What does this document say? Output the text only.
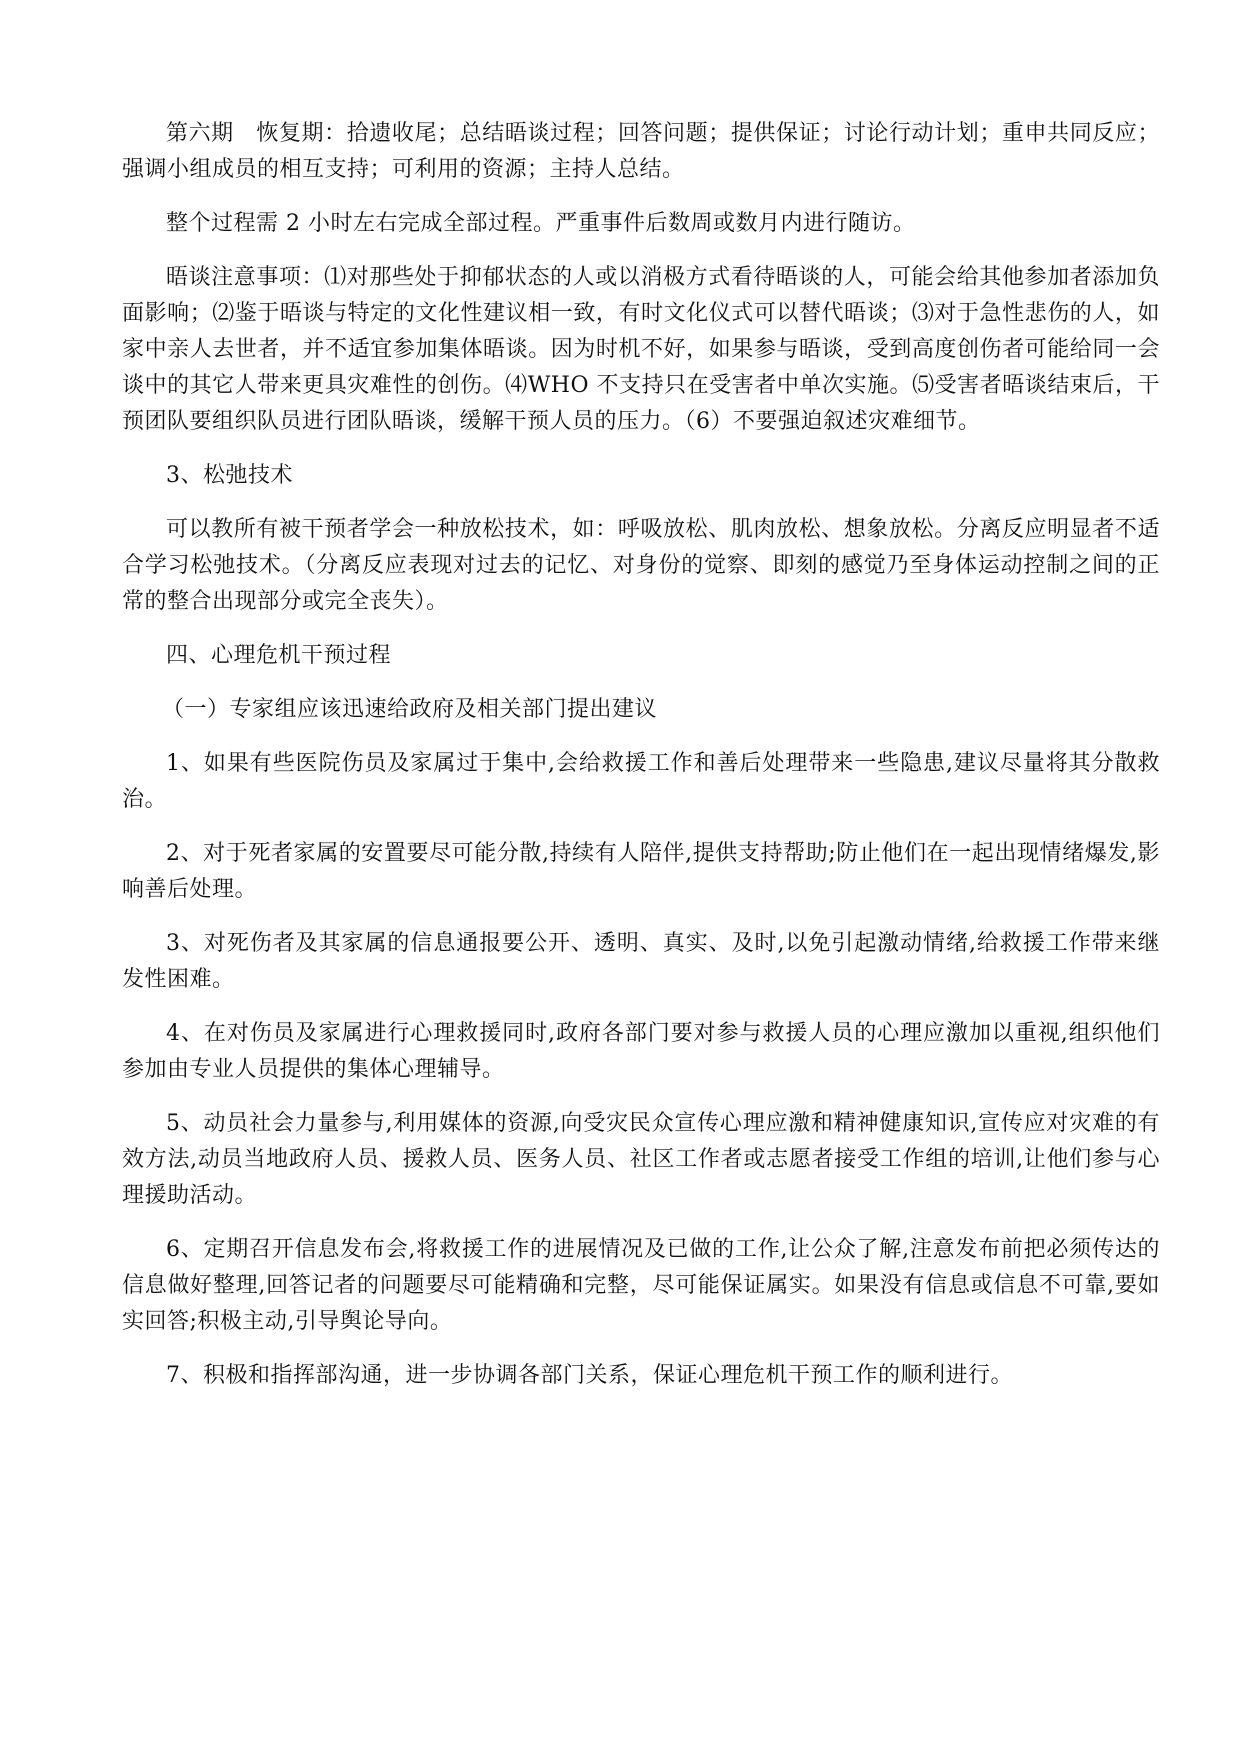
第六期　恢复期：拾遗收尾；总结晤谈过程；回答问题；提供保证；讨论行动计划；重申共同反应；强调小组成员的相互支持；可利用的资源；主持人总结。

整个过程需 2 小时左右完成全部过程。严重事件后数周或数月内进行随访。

晤谈注意事项：⑴对那些处于抑郁状态的人或以消极方式看待晤谈的人，可能会给其他参加者添加负面影响；⑵鉴于晤谈与特定的文化性建议相一致，有时文化仪式可以替代晤谈；⑶对于急性悲伤的人，如家中亲人去世者，并不适宜参加集体晤谈。因为时机不好，如果参与晤谈，受到高度创伤者可能给同一会谈中的其它人带来更具灾难性的创伤。⑷WHO 不支持只在受害者中单次实施。⑸受害者晤谈结束后，干预团队要组织队员进行团队晤谈，缓解干预人员的压力。（6）不要强迫叙述灾难细节。

3、松弛技术

可以教所有被干预者学会一种放松技术，如：呼吸放松、肌肉放松、想象放松。分离反应明显者不适合学习松弛技术。（分离反应表现对过去的记忆、对身份的觉察、即刻的感觉乃至身体运动控制之间的正常的整合出现部分或完全丧失）。

四、心理危机干预过程

（一）专家组应该迅速给政府及相关部门提出建议

1、如果有些医院伤员及家属过于集中,会给救援工作和善后处理带来一些隐患,建议尽量将其分散救治。

2、对于死者家属的安置要尽可能分散,持续有人陪伴,提供支持帮助;防止他们在一起出现情绪爆发,影响善后处理。

3、对死伤者及其家属的信息通报要公开、透明、真实、及时,以免引起激动情绪,给救援工作带来继发性困难。

4、在对伤员及家属进行心理救援同时,政府各部门要对参与救援人员的心理应激加以重视,组织他们参加由专业人员提供的集体心理辅导。

5、动员社会力量参与,利用媒体的资源,向受灾民众宣传心理应激和精神健康知识,宣传应对灾难的有效方法,动员当地政府人员、援救人员、医务人员、社区工作者或志愿者接受工作组的培训,让他们参与心理援助活动。

6、定期召开信息发布会,将救援工作的进展情况及已做的工作,让公众了解,注意发布前把必须传达的信息做好整理,回答记者的问题要尽可能精确和完整，尽可能保证属实。如果没有信息或信息不可靠,要如实回答;积极主动,引导舆论导向。

7、积极和指挥部沟通，进一步协调各部门关系，保证心理危机干预工作的顺利进行。
